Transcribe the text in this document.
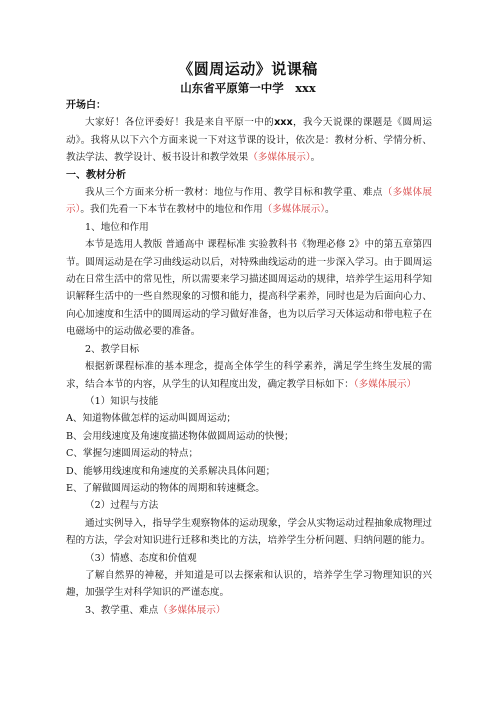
《圆周运动》说课稿
山东省平原第一中学　xxx

开场白：

大家好！各位评委好！我是来自平原一中的xxx，我今天说课的课题是《圆周运动》。我将从以下六个方面来说一下对这节课的设计，依次是：教材分析、学情分析、教法学法、教学设计、板书设计和教学效果（多媒体展示）。

一、教材分析

我从三个方面来分析一教材：地位与作用、教学目标和教学重、难点（多媒体展示）。我们先看一下本节在教材中的地位和作用（多媒体展示）。

1、地位和作用

本节是选用人教版 普通高中 课程标准 实验教科书《物理必修 2》中的第五章第四节。圆周运动是在学习曲线运动以后，对特殊曲线运动的进一步深入学习。由于圆周运动在日常生活中的常见性，所以需要来学习描述圆周运动的规律，培养学生运用科学知识解释生活中的一些自然现象的习惯和能力，提高科学素养，同时也是为后面向心力、向心加速度和生活中的圆周运动的学习做好准备，也为以后学习天体运动和带电粒子在电磁场中的运动做必要的准备。

2、教学目标

根据新课程标准的基本理念，提高全体学生的科学素养，满足学生终生发展的需求，结合本节的内容，从学生的认知程度出发，确定教学目标如下：（多媒体展示）

（1）知识与技能

A、知道物体做怎样的运动叫圆周运动；

B、会用线速度及角速度描述物体做圆周运动的快慢；

C、掌握匀速圆周运动的特点；

D、能够用线速度和角速度的关系解决具体问题；

E、了解做圆周运动的物体的周期和转速概念。

（2）过程与方法

通过实例导入，指导学生观察物体的运动现象，学会从实物运动过程抽象成物理过程的方法，学会对知识进行迁移和类比的方法，培养学生分析问题、归纳问题的能力。

（3）情感、态度和价值观

了解自然界的神秘，并知道是可以去探索和认识的，培养学生学习物理知识的兴趣，加强学生对科学知识的严谨态度。

3、教学重、难点（多媒体展示）
